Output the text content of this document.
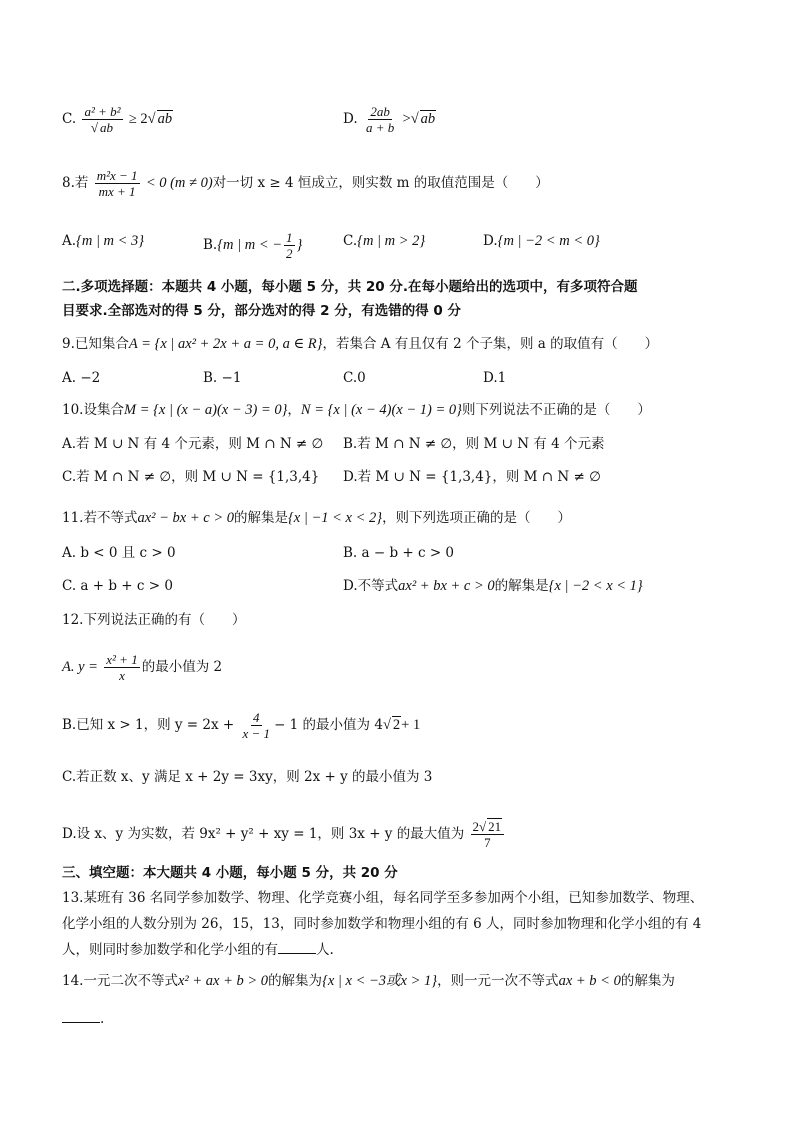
C. $\frac{\text{a² + b²}}{√ ab} \ge 2√$ ab	D. $\frac{2ab}{a + b}$ >√ ab
8.若 $\frac{\text{m²x − 1}}{mx + 1} < 0$ (m ≠ 0)对一切 x ≥ 4 恒成立，则实数 m 的取值范围是（　　）
A.{m | m < 3}	B.{m | m < − $\frac{1}{2}$ }	C.{m | m > 2}	D.{m | −2 < m < 0}
二.多项选择题：本题共 4 小题，每小题 5 分，共 20 分.在每小题给出的选项中，有多项符合题
目要求.全部选对的得 5 分，部分选对的得 2 分，有选错的得 0 分
9.已知集合A = {x | ax² + 2x + a = 0, a ∈ R}，若集合 A 有且仅有 2 个子集，则 a 的取值有（　　）
A. −2	B. −1	C.0	D.1
10.设集合M = {x | (x − a)(x − 3) = 0}，N = {x | (x − 4)(x − 1) = 0}则下列说法不正确的是（　　）
A.若 M ∪ N 有 4 个元素，则 M ∩ N ≠ ∅ B.若 M ∩ N ≠ ∅，则 M ∪ N 有 4 个元素
C.若 M ∩ N ≠ ∅，则 M ∪ N = {1,3,4} D.若 M ∪ N = {1,3,4}，则 M ∩ N ≠ ∅
11.若不等式ax² − bx + c > 0的解集是{x | −1 < x < 2}，则下列选项正确的是（　　）
A. b < 0 且 c > 0	B. a − b + c > 0
C. a + b + c > 0	D.不等式ax² + bx + c > 0的解集是{x | −2 < x < 1}
12.下列说法正确的有（　　）
A. $y = \frac{\text{x² + 1}}{x}$ 的最小值为 2
B.已知 x > 1，则 $y = 2x + \frac{4}{x - 1} - 1$ 的最小值为 4√ 2+ 1
C.若正数 x、y 满足 x + 2y = 3xy，则 2x + y 的最小值为 3
D.设 x、y 为实数，若 9x² + y² + xy = 1，则 3x + y 的最大值为 $\frac{2√ 21}{7}$
三、填空题：本大题共 4 小题，每小题 5 分，共 20 分
13.某班有 36 名同学参加数学、物理、化学竞赛小组，每名同学至多参加两个小组，已知参加数学、物理、
化学小组的人数分别为 26，15，13，同时参加数学和物理小组的有 6 人，同时参加物理和化学小组的有 4
人，则同时参加数学和化学小组的有	人.
14.一元二次不等式x² + ax + b > 0的解集为{x | x < −3或x > 1}，则一元一次不等式ax + b < 0的解集为
.
